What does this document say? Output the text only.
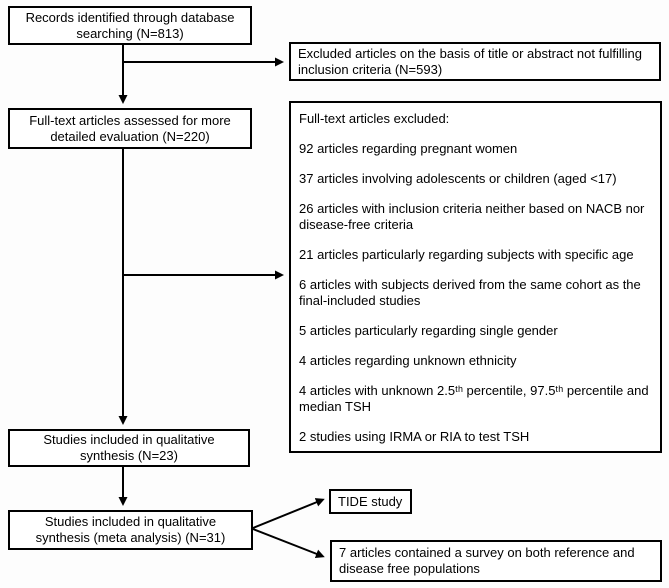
Records identified through database searching (N=813)
Excluded articles on the basis of title or abstract not fulfilling inclusion criteria (N=593)
Full-text articles assessed for more detailed evaluation (N=220)

Full-text articles excluded:

92 articles regarding pregnant women

37 articles involving adolescents or children (aged <17)

26 articles with inclusion criteria neither based on NACB nor disease-free criteria

21 articles particularly regarding subjects with specific age

6 articles with subjects derived from the same cohort as the final-included studies

5 articles particularly regarding single gender

4 articles regarding unknown ethnicity

4 articles with unknown 2.5ᵗʰ percentile, 97.5ᵗʰ percentile and median TSH

2 studies using IRMA or RIA to test TSH

Studies included in qualitative synthesis (N=23)
Studies included in qualitative synthesis (meta analysis) (N=31)
TIDE study
7 articles contained a survey on both reference and disease free populations
